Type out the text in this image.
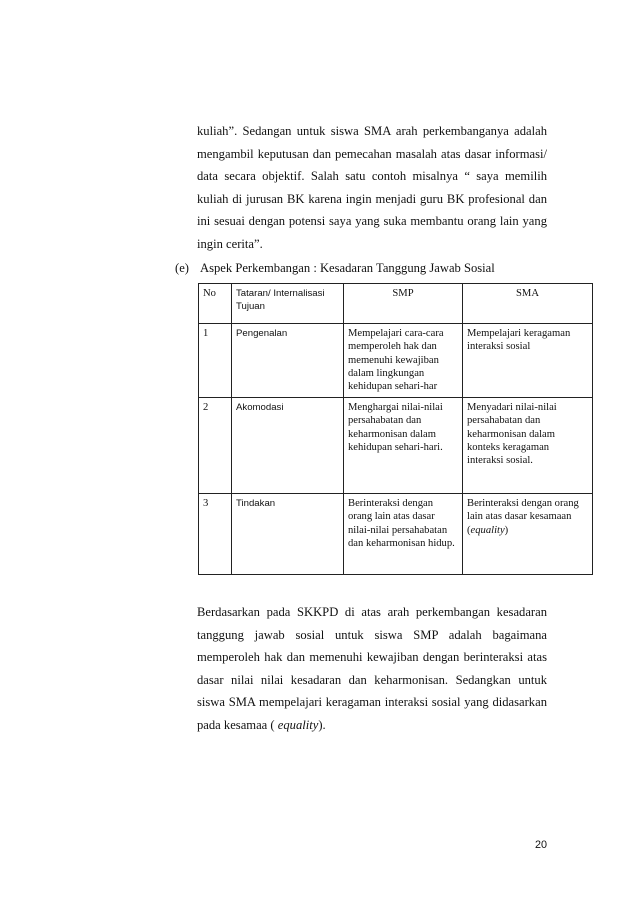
kuliah”. Sedangan untuk siswa SMA arah perkembanganya adalah
mengambil keputusan dan pemecahan masalah atas dasar informasi/
data secara objektif. Salah satu contoh misalnya “ saya memilih
kuliah di jurusan BK karena ingin menjadi guru BK profesional dan
ini sesuai dengan potensi saya yang suka membantu orang lain yang
ingin cerita”.
(e) Aspek Perkembangan : Kesadaran Tanggung Jawab Sosial
No	Tataran/ Internalisasi Tujuan	SMP	SMA
1	Pengenalan	Mempelajari cara-cara memperoleh hak dan memenuhi kewajiban dalam lingkungan kehidupan sehari-har	Mempelajari keragaman interaksi sosial
2	Akomodasi	Menghargai nilai-nilai persahabatan dan keharmonisan dalam kehidupan sehari-hari.	Menyadari nilai-nilai persahabatan dan keharmonisan dalam konteks keragaman interaksi sosial.
3	Tindakan	Berinteraksi dengan orang lain atas dasar nilai-nilai persahabatan dan keharmonisan hidup.	Berinteraksi dengan orang lain atas dasar kesamaan (equality)
Berdasarkan pada SKKPD di atas arah perkembangan kesadaran
tanggung jawab sosial untuk siswa SMP adalah bagaimana
memperoleh hak dan memenuhi kewajiban dengan berinteraksi atas
dasar nilai nilai kesadaran dan keharmonisan. Sedangkan untuk
siswa SMA mempelajari keragaman interaksi sosial yang didasarkan
pada kesamaa ( equality).
20
